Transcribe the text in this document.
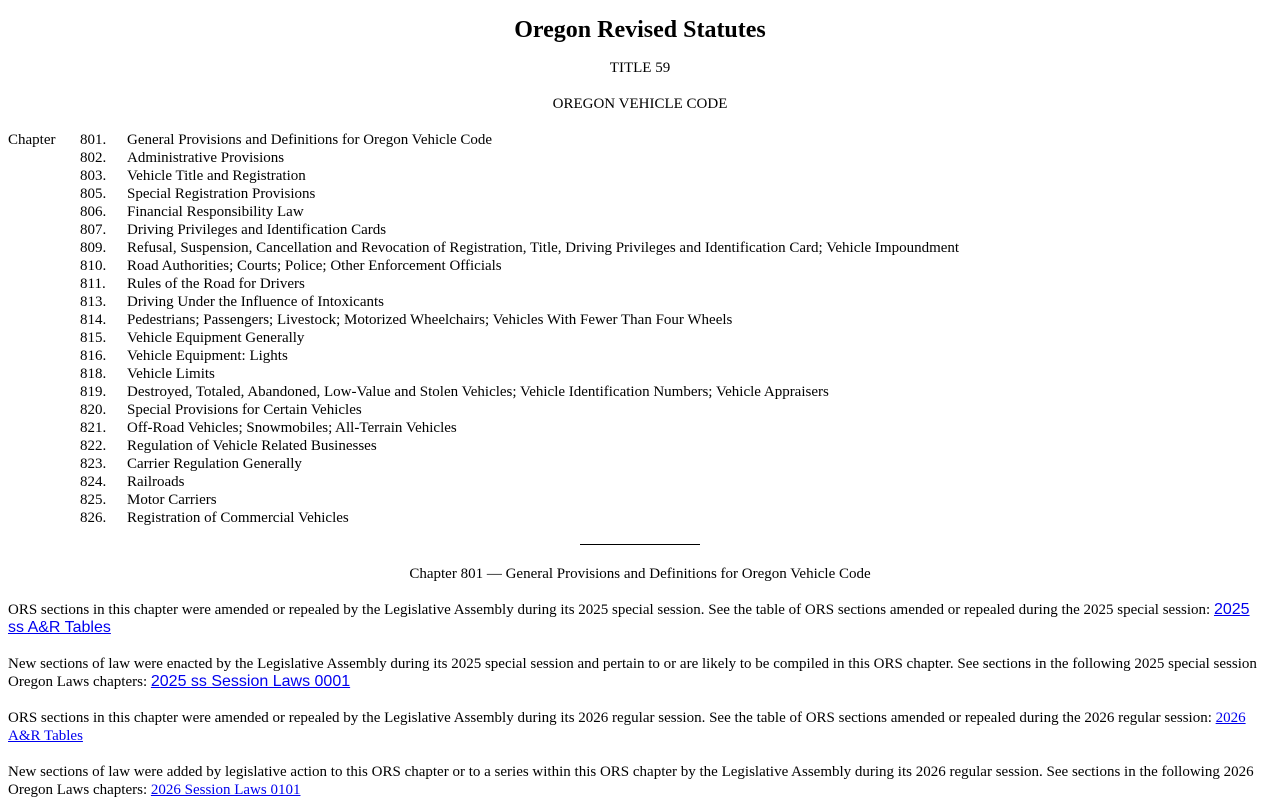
Oregon Revised Statutes
TITLE 59
OREGON VEHICLE CODE
Chapter	801.	General Provisions and Definitions for Oregon Vehicle Code
802.	Administrative Provisions
803.	Vehicle Title and Registration
805.	Special Registration Provisions
806.	Financial Responsibility Law
807.	Driving Privileges and Identification Cards
809.	Refusal, Suspension, Cancellation and Revocation of Registration, Title, Driving Privileges and Identification Card; Vehicle Impoundment
810.	Road Authorities; Courts; Police; Other Enforcement Officials
811.	Rules of the Road for Drivers
813.	Driving Under the Influence of Intoxicants
814.	Pedestrians; Passengers; Livestock; Motorized Wheelchairs; Vehicles With Fewer Than Four Wheels
815.	Vehicle Equipment Generally
816.	Vehicle Equipment: Lights
818.	Vehicle Limits
819.	Destroyed, Totaled, Abandoned, Low-Value and Stolen Vehicles; Vehicle Identification Numbers; Vehicle Appraisers
820.	Special Provisions for Certain Vehicles
821.	Off-Road Vehicles; Snowmobiles; All-Terrain Vehicles
822.	Regulation of Vehicle Related Businesses
823.	Carrier Regulation Generally
824.	Railroads
825.	Motor Carriers
826.	Registration of Commercial Vehicles
Chapter 801 — General Provisions and Definitions for Oregon Vehicle Code

ORS sections in this chapter were amended or repealed by the Legislative Assembly during its 2025 special session. See the table of ORS sections amended or repealed during the 2025 special session: 2025 ss A&R Tables

New sections of law were enacted by the Legislative Assembly during its 2025 special session and pertain to or are likely to be compiled in this ORS chapter. See sections in the following 2025 special session Oregon Laws chapters: 2025 ss Session Laws 0001

ORS sections in this chapter were amended or repealed by the Legislative Assembly during its 2026 regular session. See the table of ORS sections amended or repealed during the 2026 regular session: 2026 A&R Tables

New sections of law were added by legislative action to this ORS chapter or to a series within this ORS chapter by the Legislative Assembly during its 2026 regular session. See sections in the following 2026 Oregon Laws chapters: 2026 Session Laws 0101
